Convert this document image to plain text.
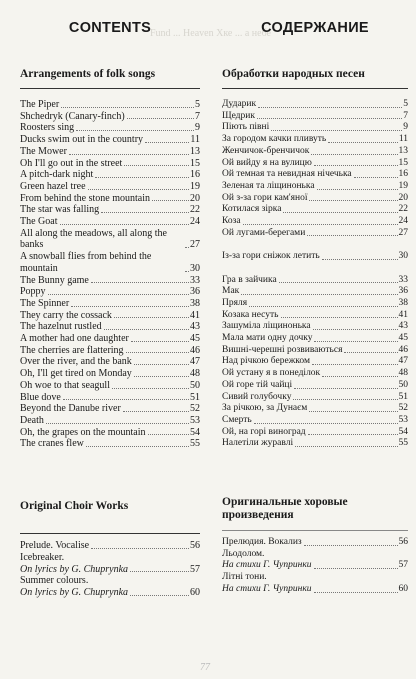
Fund ... Heaven Хке ... а небе
CONTENTS
Arrangements of folk songs
The Piper	5
Shchedryk (Canary-finch)	7
Roosters sing	9
Ducks swim out in the country	11
The Mower	13
Oh I'll go out in the street	15
A pitch-dark night	16
Green hazel tree	19
From behind the stone mountain	20
The star was falling	22
The Goat	24
All along the meadows, all along the banks	27
A snowball flies from behind the mountain	30
The Bunny game	33
Poppy	36
The Spinner	38
They carry the cossack	41
The hazelnut rustled	43
A mother had one daughter	45
The cherries are flattering	46
Over the river, and the bank	47
Oh, I'll get tired on Monday	48
Oh woe to that seagull	50
Blue dove	51
Beyond the Danube river	52
Death	53
Oh, the grapes on the mountain	54
The cranes flew	55
Original Choir Works
Prelude. Vocalise	56
Icebreaker.
On lyrics by G. Chuprynka	57
Summer colours.
On lyrics by G. Chuprynka	60
СОДЕРЖАНИЕ
Обработки народных песен
Дударик	5
Щедрик	7
Піють півні	9
За городом качки пливуть	11
Женчичок-бренчичок	13
Ой вийду я на вулицю	15
Ой темная та невидная нічечька	16
Зеленая та ліщинонька	19
Ой з-за гори кам'яної	20
Котилася зірка	22
Коза	24
Ой лугами-берегами	27
Із-за гори сніжок летить	30
Гра в зайчика	33
Мак	36
Пряля	38
Козака несуть	41
Зашуміла ліщинонька	43
Мала мати одну дочку	45
Вишні-черешні розвиваються	46
Над річкою бережком	47
Ой устану я в понеділок	48
Ой горе тій чайці	50
Сивий голубочку	51
За річкою, за Дунаєм	52
Смерть	53
Ой, на горі виноград	54
Налетіли журавлі	55
Оригинальные хоровые произведения
Прелюдия. Вокализ	56
Льодолом.
На стихи Г. Чупринки	57
Літні тони.
На стихи Г. Чупринки	60
77
